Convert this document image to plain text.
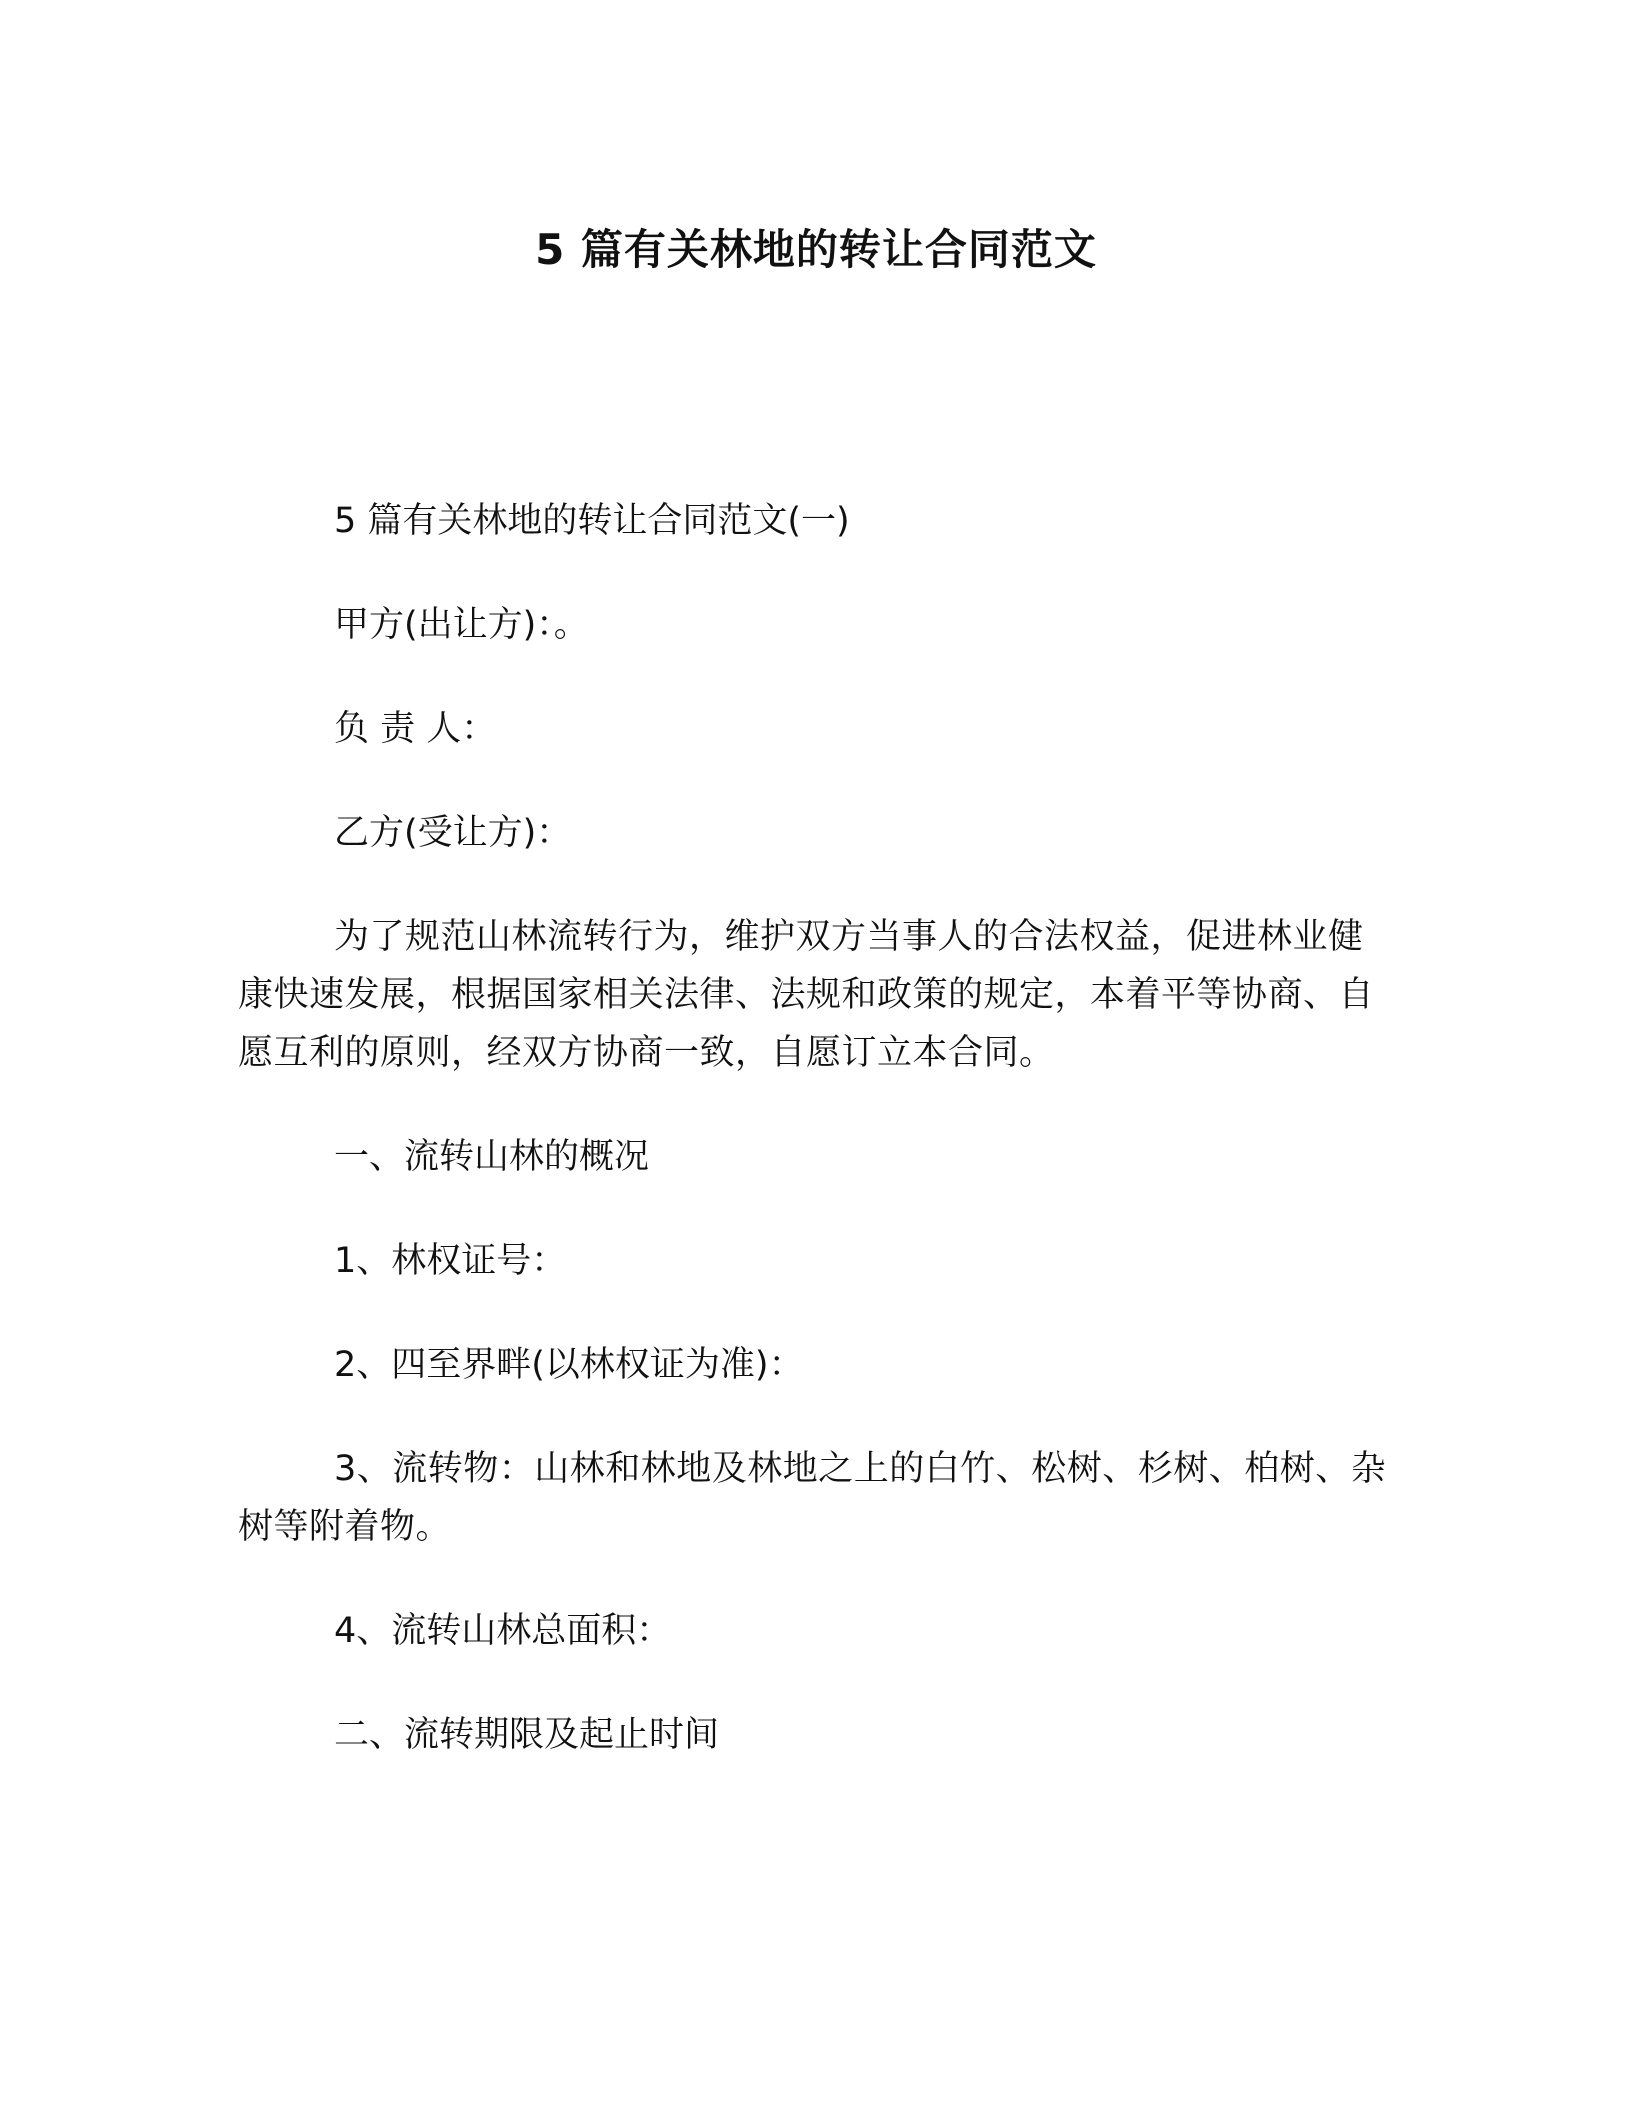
5 篇有关林地的转让合同范文

5 篇有关林地的转让合同范文(一)

甲方(出让方)：。

负 责 人：

乙方(受让方)：

为了规范山林流转行为，维护双方当事人的合法权益，促进林业健康快速发展，根据国家相关法律、法规和政策的规定，本着平等协商、自愿互利的原则，经双方协商一致，自愿订立本合同。

一、流转山林的概况

1、林权证号：

2、四至界畔(以林权证为准)：

3、流转物：山林和林地及林地之上的白竹、松树、杉树、柏树、杂树等附着物。

4、流转山林总面积：

二、流转期限及起止时间
